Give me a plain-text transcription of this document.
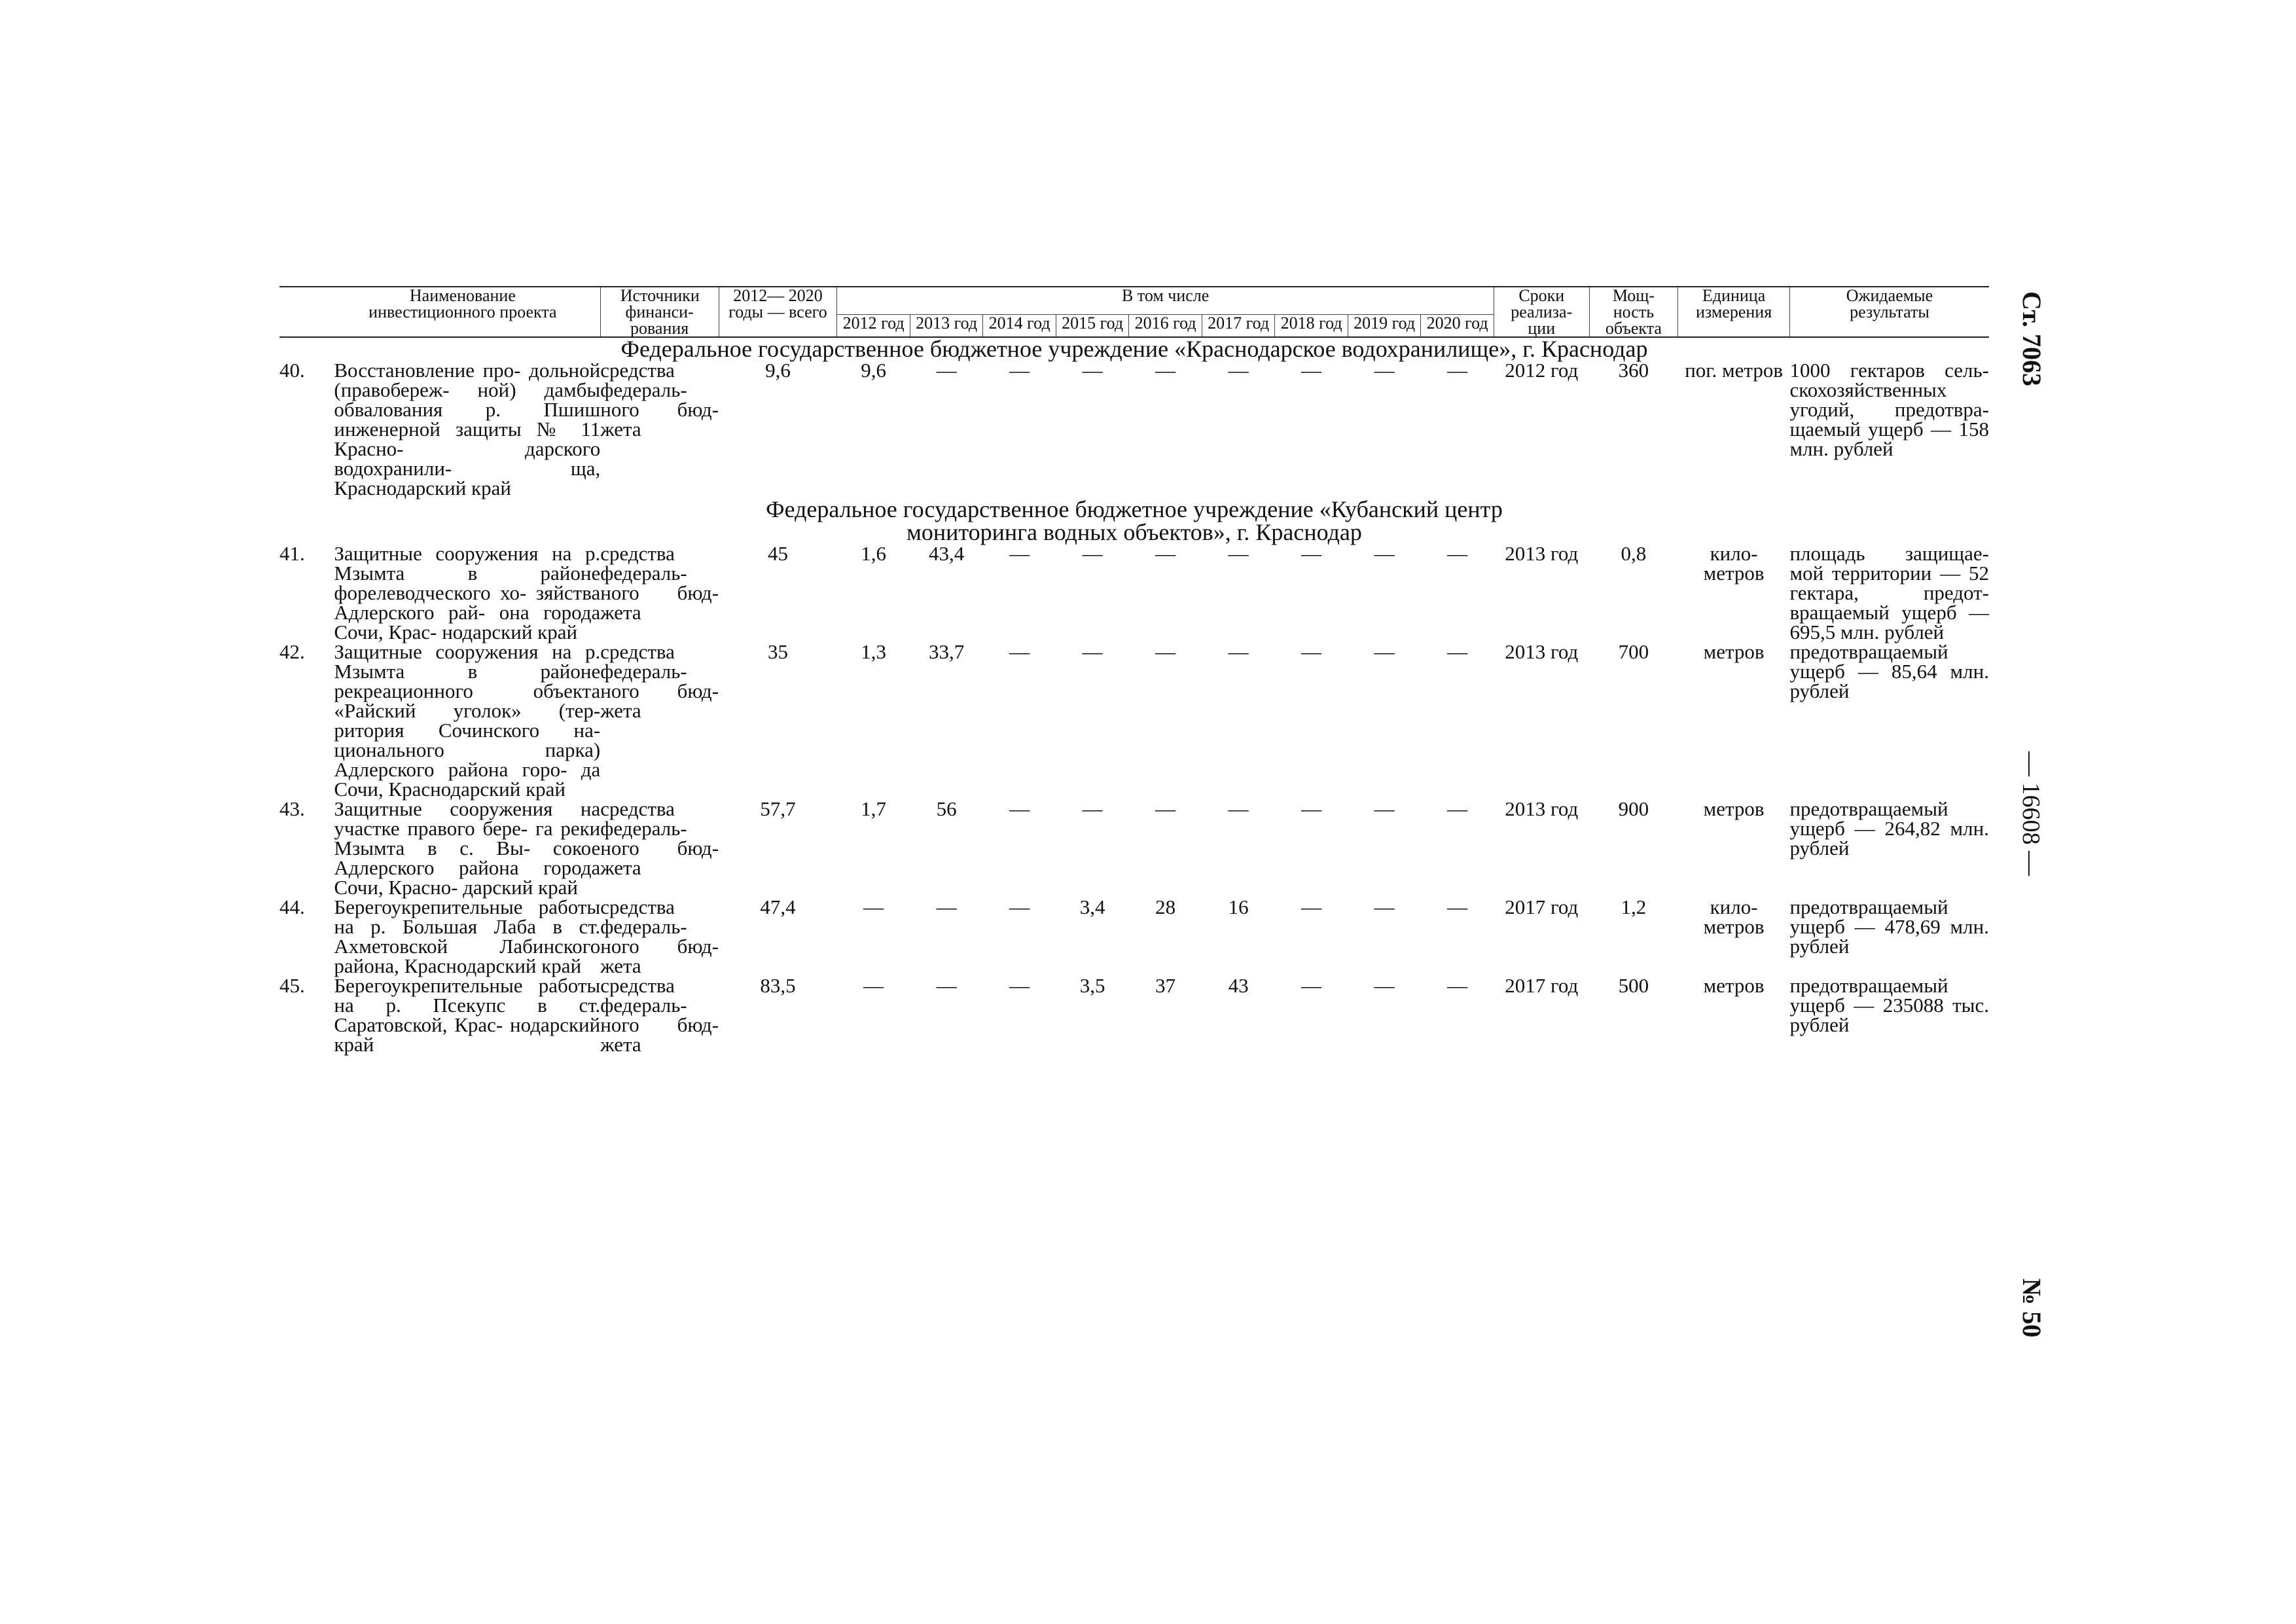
Наименование инвестиционного проекта		Источники финанси- рования	2012— 2020 годы — всего	В том числе									Сроки реализа- ции	Мощ- ность объекта	Единица измерения	Ожидаемые результаты
				2012 год	2013 год	2014 год	2015 год	2016 год	2017 год	2018 год	2019 год	2020 год				
Федеральное государственное бюджетное учреждение «Краснодарское водохранилище», г. Краснодар																
40.	Восстановление про- дольной (правобереж- ной) дамбы обвалования р. Пшиш инженерной защиты № 11 Красно- дарского водохранили- ща, Краснодарский край	средства федераль- ного бюд- жета	9,6	9,6	—	—	—	—	—	—	—	—	2012 год	360	пог. метров	1000 гектаров сель- скохозяйственных угодий, предотвра- щаемый ущерб — 158 млн. рублей
Федеральное государственное бюджетное учреждение «Кубанский центр мониторинга водных объектов», г. Краснодар																
41.	Защитные сооружения на р. Мзымта в районе форелеводческого хо- зяйства Адлерского рай- она города Сочи, Крас- нодарский край	средства федераль- ного бюд- жета	45	1,6	43,4	—	—	—	—	—	—	—	2013 год	0,8	кило- метров	площадь защищае- мой территории — 52 гектара, предот- вращаемый ущерб — 695,5 млн. рублей
42.	Защитные сооружения на р. Мзымта в районе рекреационного объекта «Райский уголок» (тер- ритория Сочинского на- ционального парка) Адлерского района горо- да Сочи, Краснодарский край	средства федераль- ного бюд- жета	35	1,3	33,7	—	—	—	—	—	—	—	2013 год	700	метров	предотвращаемый ущерб — 85,64 млн. рублей
43.	Защитные сооружения на участке правого бере- га реки Мзымта в с. Вы- сокое Адлерского района города Сочи, Красно- дарский край	средства федераль- ного бюд- жета	57,7	1,7	56	—	—	—	—	—	—	—	2013 год	900	метров	предотвращаемый ущерб — 264,82 млн. рублей
44.	Берегоукрепительные работы на р. Большая Лаба в ст. Ахметовской Лабинского района, Краснодарский край	средства федераль- ного бюд- жета	47,4	—	—	—	3,4	28	16	—	—	—	2017 год	1,2	кило- метров	предотвращаемый ущерб — 478,69 млн. рублей
45.	Берегоукрепительные работы на р. Псекупс в ст. Саратовской, Крас- нодарский край	средства федераль- ного бюд- жета	83,5	—	—	—	3,5	37	43	—	—	—	2017 год	500	метров	предотвращаемый ущерб — 235088 тыс. рублей
Ст. 7063
— 16608 —
№ 50
